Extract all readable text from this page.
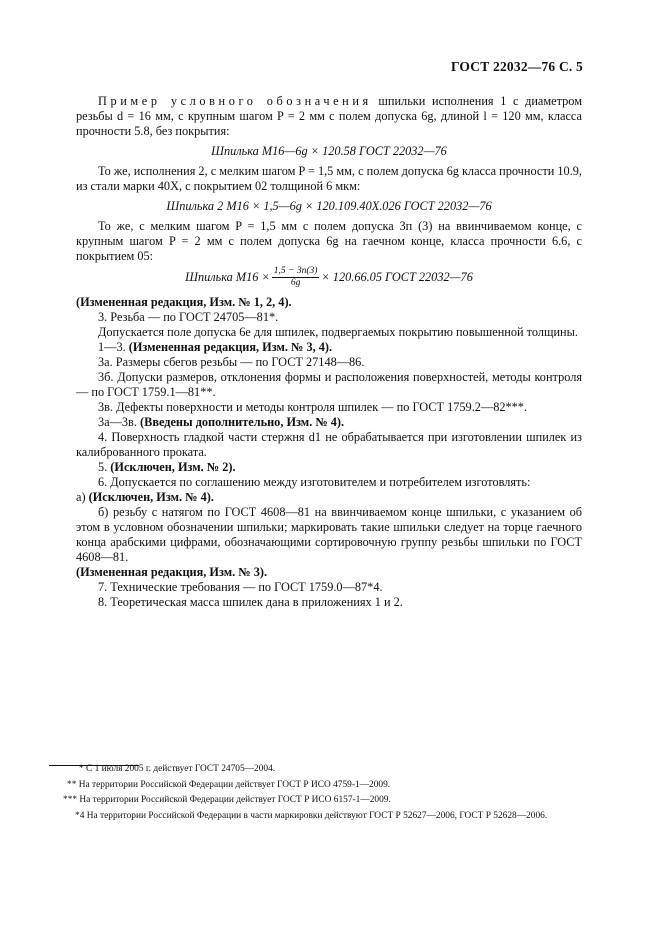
ГОСТ 22032—76 С. 5

Пример условного обозначения шпильки исполнения 1 с диаметром резьбы d = 16 мм, с крупным шагом P = 2 мм с полем допуска 6g, длиной l = 120 мм, класса прочности 5.8, без покрытия:

Шпилька М16—6g × 120.58 ГОСТ 22032—76

То же, исполнения 2, с мелким шагом P = 1,5 мм, с полем допуска 6g класса прочности 10.9, из стали марки 40X, с покрытием 02 толщиной 6 мкм:

Шпилька 2 М16 × 1,5—6g × 120.109.40X.026 ГОСТ 22032—76

То же, с мелким шагом P = 1,5 мм с полем допуска 3п (3) на ввинчиваемом конце, с крупным шагом P = 2 мм с полем допуска 6g на гаечном конце, класса прочности 6.6, с покрытием 05:

Шпилька $М16 \times \frac{1,5 - 3п(3)}{6g} \times 120.66.05$ ГОСТ 22032—76

(Измененная редакция, Изм. № 1, 2, 4).

3. Резьба — по ГОСТ 24705—81*.

Допускается поле допуска 6е для шпилек, подвергаемых покрытию повышенной толщины.

1—3. (Измененная редакция, Изм. № 3, 4).

3а. Размеры сбегов резьбы — по ГОСТ 27148—86.

3б. Допуски размеров, отклонения формы и расположения поверхностей, методы контроля — по ГОСТ 1759.1—81**.

3в. Дефекты поверхности и методы контроля шпилек — по ГОСТ 1759.2—82***.

3а—3в. (Введены дополнительно, Изм. № 4).

4. Поверхность гладкой части стержня d1 не обрабатывается при изготовлении шпилек из калиброванного проката.

5. (Исключен, Изм. № 2).

6. Допускается по соглашению между изготовителем и потребителем изготовлять:

а) (Исключен, Изм. № 4).

б) резьбу с натягом по ГОСТ 4608—81 на ввинчиваемом конце шпильки, с указанием об этом в условном обозначении шпильки; маркировать такие шпильки следует на торце гаечного конца арабскими цифрами, обозначающими сортировочную группу резьбы шпильки по ГОСТ 4608—81.

(Измененная редакция, Изм. № 3).

7. Технические требования — по ГОСТ 1759.0—87*4.

8. Теоретическая масса шпилек дана в приложениях 1 и 2.

* С 1 июля 2005 г. действует ГОСТ 24705—2004.

** На территории Российской Федерации действует ГОСТ Р ИСО 4759-1—2009.

*** На территории Российской Федерации действует ГОСТ Р ИСО 6157-1—2009.

*4 На территории Российской Федерации в части маркировки действуют ГОСТ Р 52627—2006, ГОСТ Р 52628—2006.
